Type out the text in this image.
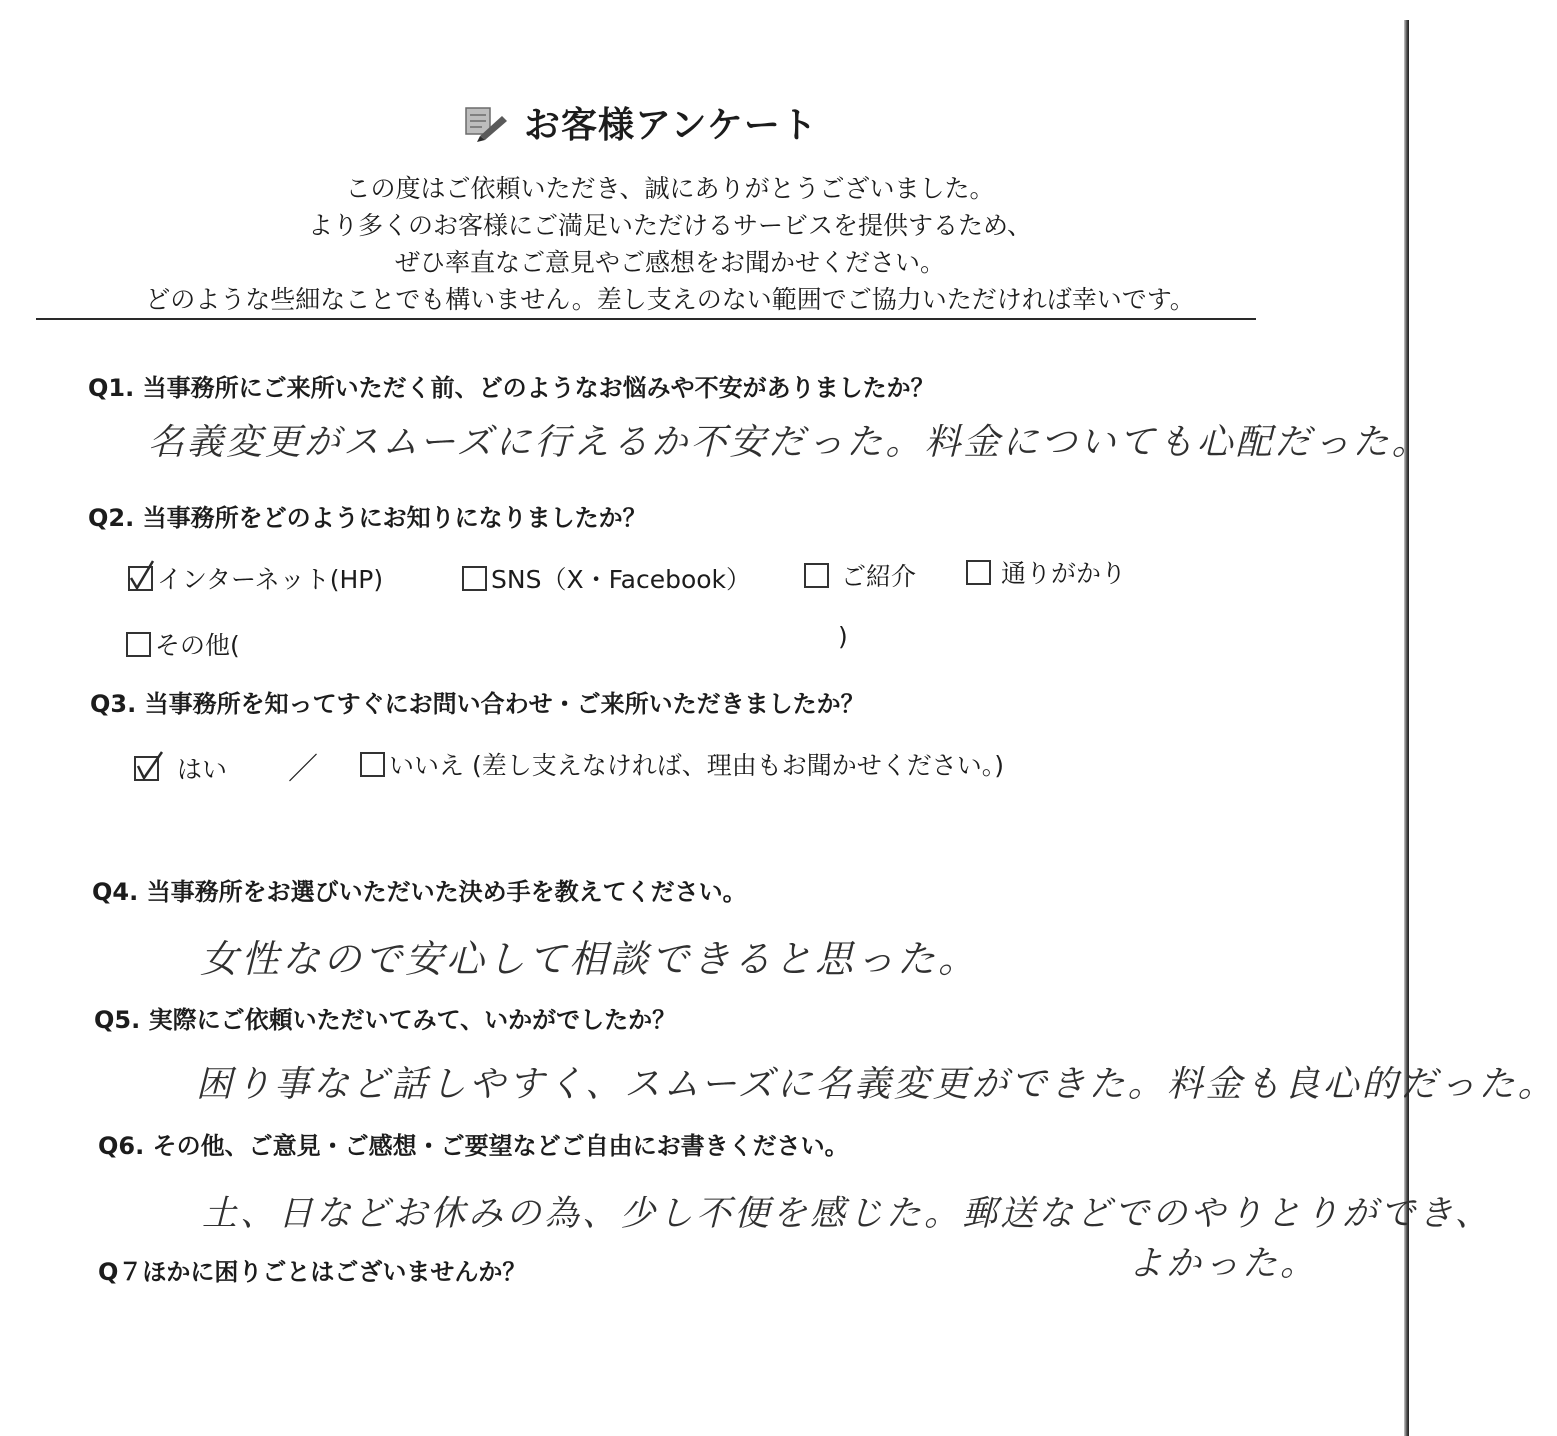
お客様アンケート
この度はご依頼いただき、誠にありがとうございました。
より多くのお客様にご満足いただけるサービスを提供するため、
ぜひ率直なご意見やご感想をお聞かせください。
どのような些細なことでも構いません。差し支えのない範囲でご協力いただければ幸いです。
Q1. 当事務所にご来所いただく前、どのようなお悩みや不安がありましたか？
名義変更がスムーズに行えるか不安だった。料金についても心配だった。
Q2. 当事務所をどのようにお知りになりましたか？
インターネット(HP)	SNS（X・Facebook）	ご紹介	通りがかり
その他(	)
Q3. 当事務所を知ってすぐにお問い合わせ・ご来所いただきましたか？
はい ／	いいえ (差し支えなければ、理由もお聞かせください。)
Q4. 当事務所をお選びいただいた決め手を教えてください。
女性なので安心して相談できると思った。
Q5. 実際にご依頼いただいてみて、いかがでしたか？
困り事など話しやすく、スムーズに名義変更ができた。料金も良心的だった。
Q6. その他、ご意見・ご感想・ご要望などご自由にお書きください。
土、日などお休みの為、少し不便を感じた。郵送などでのやりとりができ、
よかった。
Q７ほかに困りごとはございませんか？
